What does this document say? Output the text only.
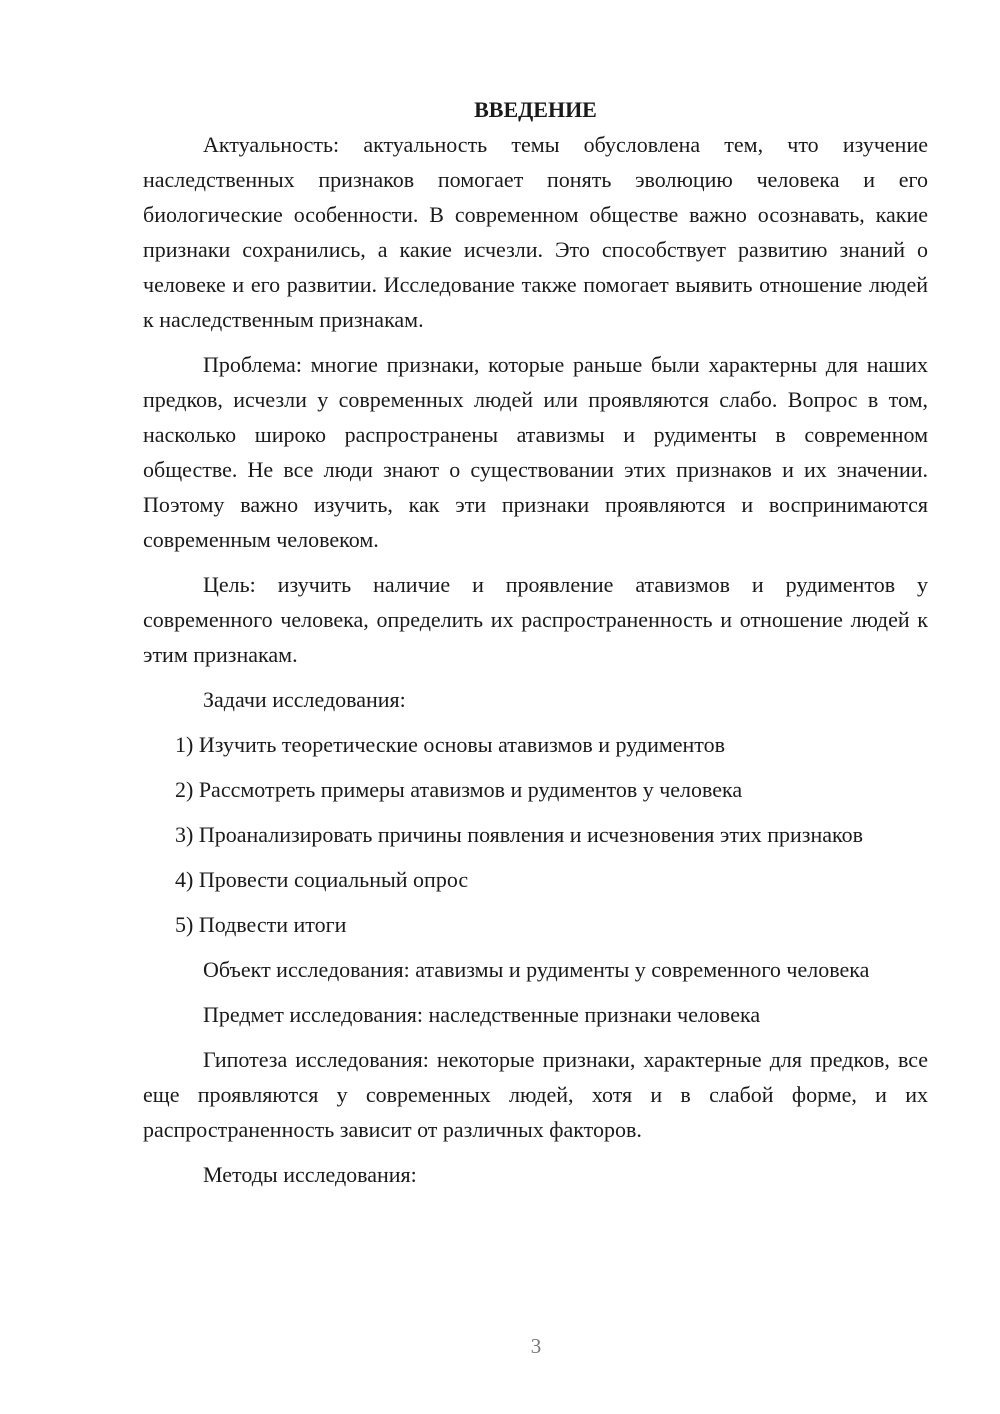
ВВЕДЕНИЕ

Актуальность: актуальность темы обусловлена тем, что изучение наследственных признаков помогает понять эволюцию человека и его биологические особенности. В современном обществе важно осознавать, какие признаки сохранились, а какие исчезли. Это способствует развитию знаний о человеке и его развитии. Исследование также помогает выявить отношение людей к наследственным признакам.

Проблема: многие признаки, которые раньше были характерны для наших предков, исчезли у современных людей или проявляются слабо. Вопрос в том, насколько широко распространены атавизмы и рудименты в современном обществе. Не все люди знают о существовании этих признаков и их значении. Поэтому важно изучить, как эти признаки проявляются и воспринимаются современным человеком.

Цель: изучить наличие и проявление атавизмов и рудиментов у современного человека, определить их распространенность и отношение людей к этим признакам.

Задачи исследования:

1) Изучить теоретические основы атавизмов и рудиментов

2) Рассмотреть примеры атавизмов и рудиментов у человека

3) Проанализировать причины появления и исчезновения этих признаков

4) Провести социальный опрос

5) Подвести итоги

Объект исследования: атавизмы и рудименты у современного человека

Предмет исследования: наследственные признаки человека

Гипотеза исследования: некоторые признаки, характерные для предков, все еще проявляются у современных людей, хотя и в слабой форме, и их распространенность зависит от различных факторов.

Методы исследования:

3
